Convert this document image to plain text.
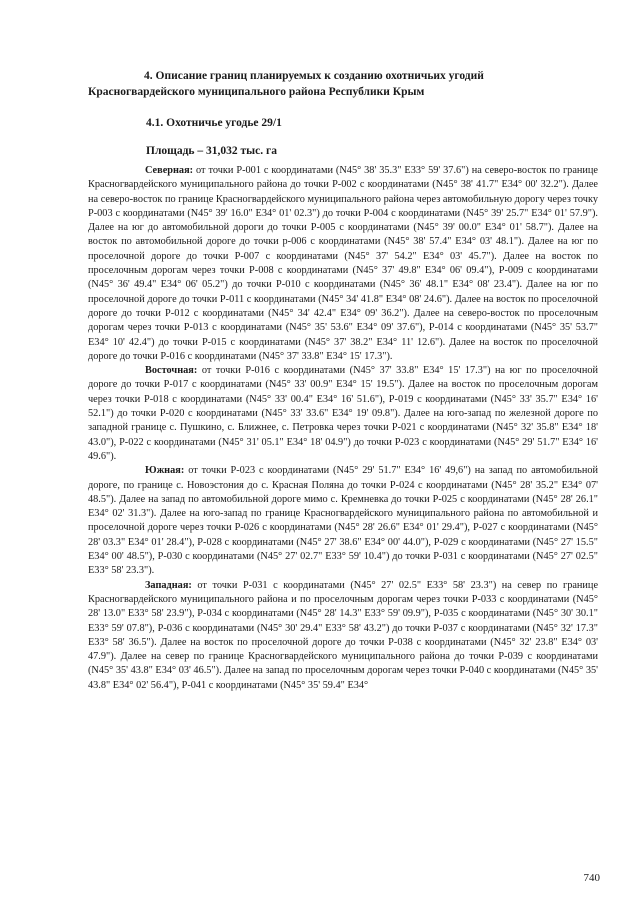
4. Описание границ планируемых к созданию охотничьих угодий
Красногвардейского муниципального района Республики Крым
4.1. Охотничье угодье 29/1
Площадь – 31,032 тыс. га

Северная: от точки Р-001 с координатами (N45° 38' 35.3" E33° 59' 37.6") на северо-восток по границе Красногвардейского муниципального района до точки Р-002 с координатами (N45° 38' 41.7" E34° 00' 32.2"). Далее на северо-восток по границе Красногвардейского муниципального района через автомобильную дорогу через точку Р-003 с координатами (N45° 39' 16.0" E34° 01' 02.3") до точки Р-004 с координатами (N45° 39' 25.7" E34° 01' 57.9"). Далее на юг до автомобильной дороги до точки Р-005 с координатами (N45° 39' 00.0" E34° 01' 58.7"). Далее на восток по автомобильной дороге до точки р-006 с координатами (N45° 38' 57.4" E34° 03' 48.1"). Далее на юг по проселочной дороге до точки Р-007 с координатами (N45° 37' 54.2" E34° 03' 45.7"). Далее на восток по проселочным дорогам через точки Р-008 с координатами (N45° 37' 49.8" E34° 06' 09.4"), Р-009 с координатами (N45° 36' 49.4" E34° 06' 05.2") до точки Р-010 с координатами (N45° 36' 48.1" E34° 08' 23.4"). Далее на юг по проселочной дороге до точки Р-011 с координатами (N45° 34' 41.8" E34° 08' 24.6"). Далее на восток по проселочной дороге до точки Р-012 с координатами (N45° 34' 42.4" E34° 09' 36.2"). Далее на северо-восток по проселочным дорогам через точки Р-013 с координатами (N45° 35' 53.6" E34° 09' 37.6"), Р-014 с координатами (N45° 35' 53.7" E34° 10' 42.4") до точки Р-015 с координатами (N45° 37' 38.2" E34° 11' 12.6"). Далее на восток по проселочной дороге до точки Р-016 с координатами (N45° 37' 33.8" E34° 15' 17.3").

Восточная: от точки Р-016 с координатами (N45° 37' 33.8" E34° 15' 17.3") на юг по проселочной дороге до точки Р-017 с координатами (N45° 33' 00.9" E34° 15' 19.5"). Далее на восток по проселочным дорогам через точки Р-018 с координатами (N45° 33' 00.4" E34° 16' 51.6"), Р-019 с координатами (N45° 33' 35.7" E34° 16' 52.1") до точки Р-020 с координатами (N45° 33' 33.6" E34° 19' 09.8"). Далее на юго-запад по железной дороге по западной границе с. Пушкино, с. Ближнее, с. Петровка через точки Р-021 с координатами (N45° 32' 35.8" E34° 18' 43.0"), Р-022 с координатами (N45° 31' 05.1" E34° 18' 04.9") до точки Р-023 с координатами (N45° 29' 51.7" E34° 16' 49.6").

Южная: от точки Р-023 с координатами (N45° 29' 51.7" E34° 16' 49,6") на запад по автомобильной дороге, по границе с. Новоэстония до с. Красная Поляна до точки Р-024 с координатами (N45° 28' 35.2" E34° 07' 48.5"). Далее на запад по автомобильной дороге мимо с. Кремневка до точки Р-025 с координатами (N45° 28' 26.1" E34° 02' 31.3"). Далее на юго-запад по границе Красногвардейского муниципального района по автомобильной и проселочной дороге через точки Р-026 с координатами (N45° 28' 26.6" E34° 01' 29.4"), Р-027 с координатами (N45° 28' 03.3" E34° 01' 28.4"), Р-028 с координатами (N45° 27' 38.6" E34° 00' 44.0"), Р-029 с координатами (N45° 27' 15.5" E34° 00' 48.5"), Р-030 с координатами (N45° 27' 02.7" E33° 59' 10.4") до точки Р-031 с координатами (N45° 27' 02.5" E33° 58' 23.3").

Западная: от точки Р-031 с координатами (N45° 27' 02.5" E33° 58' 23.3") на север по границе Красногвардейского муниципального района и по проселочным дорогам через точки Р-033 с координатами (N45° 28' 13.0" E33° 58' 23.9"), Р-034 с координатами (N45° 28' 14.3" E33° 59' 09.9"), Р-035 с координатами (N45° 30' 30.1" E33° 59' 07.8"), Р-036 с координатами (N45° 30' 29.4" E33° 58' 43.2") до точки Р-037 с координатами (N45° 32' 17.3" E33° 58' 36.5"). Далее на восток по проселочной дороге до точки Р-038 с координатами (N45° 32' 23.8" E34° 03' 47.9"). Далее на север по границе Красногвардейского муниципального района до точки Р-039 с координатами (N45° 35' 43.8" E34° 03' 46.5"). Далее на запад по проселочным дорогам через точки Р-040 с координатами (N45° 35' 43.8" E34° 02' 56.4"), Р-041 с координатами (N45° 35' 59.4" E34°

740
